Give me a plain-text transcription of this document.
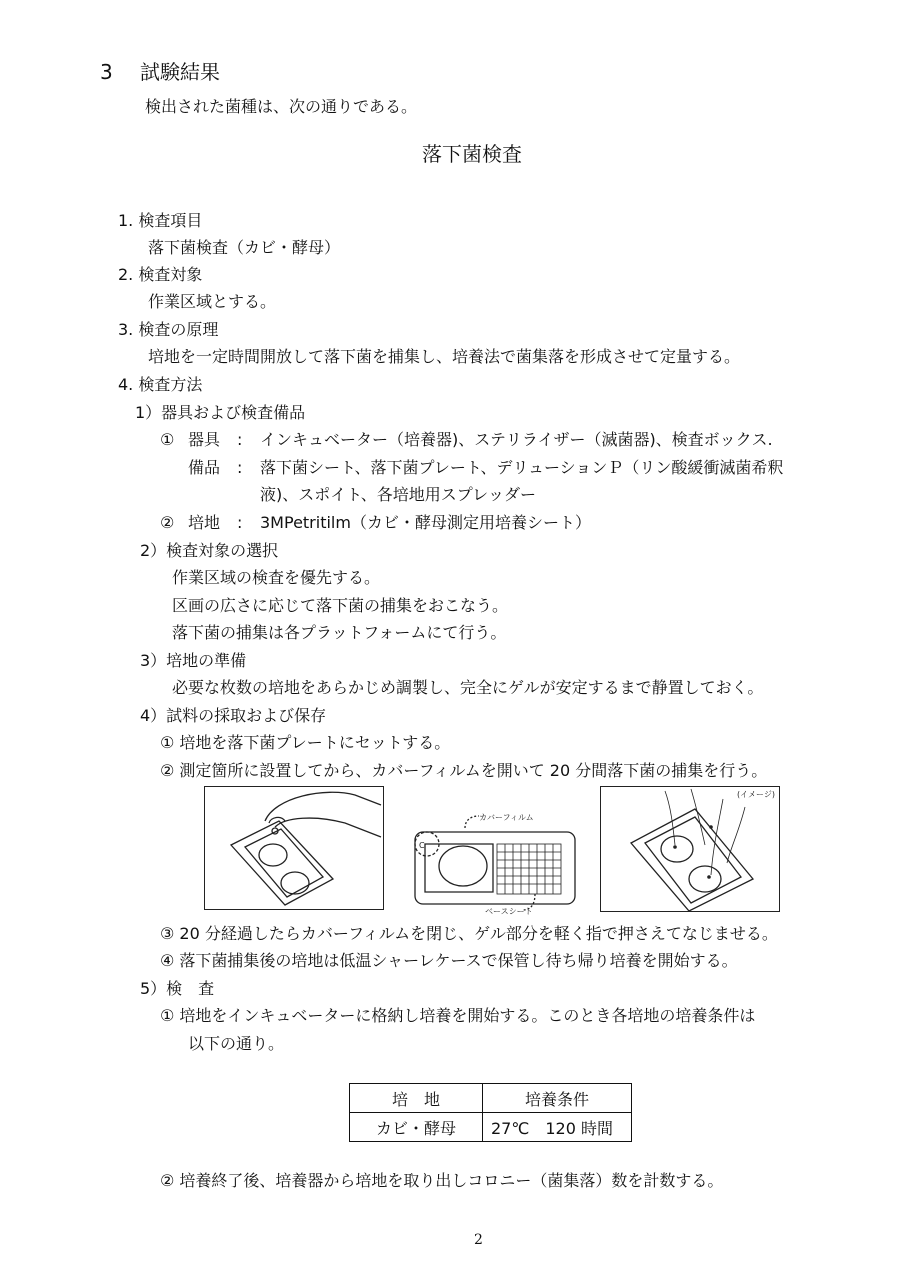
3 試験結果
検出された菌種は、次の通りである。
落下菌検査
1. 検査項目
落下菌検査（カビ・酵母）
2. 検査対象
作業区域とする。
3. 検査の原理
培地を一定時間開放して落下菌を捕集し、培養法で菌集落を形成させて定量する。
4. 検査方法
1）器具および検査備品
① 器具 : インキュベーター（培養器)、ステリライザー（滅菌器)、検査ボックス.
備品 : 落下菌シート、落下菌プレート、デリューションＰ（リン酸緩衝滅菌希釈
液)、スポイト、各培地用スプレッダー
② 培地 : 3MPetritilm（カビ・酵母測定用培養シート）
2）検査対象の選択
作業区域の検査を優先する。
区画の広さに応じて落下菌の捕集をおこなう。
落下菌の捕集は各プラットフォームにて行う。
3）培地の準備
必要な枚数の培地をあらかじめ調製し、完全にゲルが安定するまで静置しておく。
4）試料の採取および保存
① 培地を落下菌プレートにセットする。
② 測定箇所に設置してから、カバーフィルムを開いて 20 分間落下菌の捕集を行う。
カバーフィルム
ベースシート
C
(イメージ)
③ 20 分経過したらカバーフィルムを閉じ、ゲル部分を軽く指で押さえてなじませる。
④ 落下菌捕集後の培地は低温シャーレケースで保管し待ち帰り培養を開始する。
5）検　査
① 培地をインキュベーターに格納し培養を開始する。このとき各培地の培養条件は
以下の通り。
培　地	培養条件
カビ・酵母	27℃　120 時間
② 培養終了後、培養器から培地を取り出しコロニー（菌集落）数を計数する。
2
